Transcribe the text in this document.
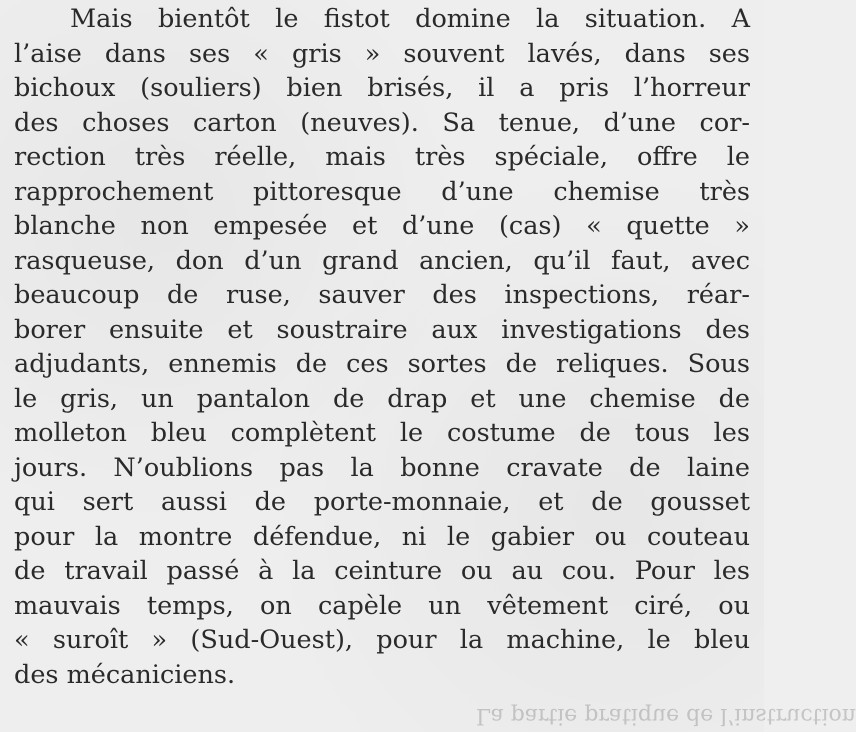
Mais bientôt le fistot domine la situation. A
l’aise dans ses « gris » souvent lavés, dans ses
bichoux (souliers) bien brisés, il a pris l’horreur
des choses carton (neuves). Sa tenue, d’une cor-
rection très réelle, mais très spéciale, offre le
rapprochement pittoresque d’une chemise très
blanche non empesée et d’une (cas) « quette »
rasqueuse, don d’un grand ancien, qu’il faut, avec
beaucoup de ruse, sauver des inspections, réar-
borer ensuite et soustraire aux investigations des
adjudants, ennemis de ces sortes de reliques. Sous
le gris, un pantalon de drap et une chemise de
molleton bleu complètent le costume de tous les
jours. N’oublions pas la bonne cravate de laine
qui sert aussi de porte-monnaie, et de gousset
pour la montre défendue, ni le gabier ou couteau
de travail passé à la ceinture ou au cou. Pour les
mauvais temps, on capèle un vêtement ciré, ou
« suroît » (Sud-Ouest), pour la machine, le bleu
des mécaniciens.
La partie pratique de l’instruction
